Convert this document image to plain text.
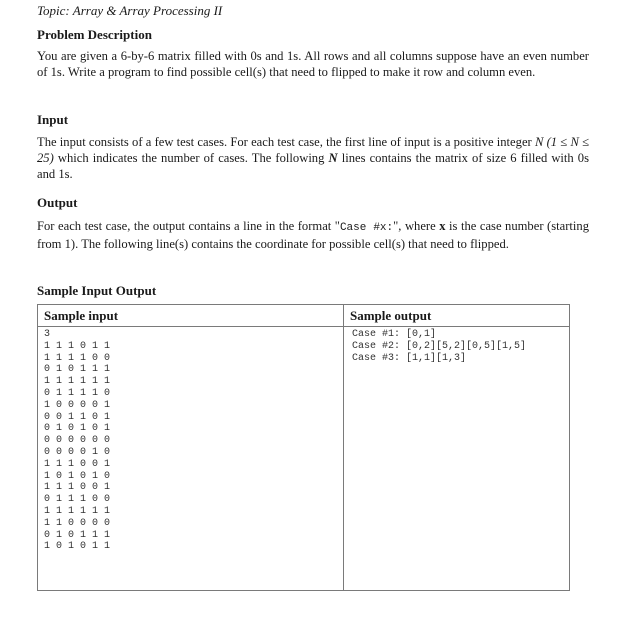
Topic: Array & Array Processing II
Problem Description
You are given a 6-by-6 matrix filled with 0s and 1s. All rows and all columns suppose have an even number of 1s. Write a program to find possible cell(s) that need to flipped to make it row and column even.
Input
The input consists of a few test cases. For each test case, the first line of input is a positive integer N (1 ≤ N ≤ 25) which indicates the number of cases. The following N lines contains the matrix of size 6 filled with 0s and 1s.
Output
For each test case, the output contains a line in the format "Case #x:", where x is the case number (starting from 1). The following line(s) contains the coordinate for possible cell(s) that need to flipped.
Sample Input Output
Sample input
3
1 1 1 0 1 1
1 1 1 1 0 0
0 1 0 1 1 1
1 1 1 1 1 1
0 1 1 1 1 0
1 0 0 0 0 1
0 0 1 1 0 1
0 1 0 1 0 1
0 0 0 0 0 0
0 0 0 0 1 0
1 1 1 0 0 1
1 0 1 0 1 0
1 1 1 0 0 1
0 1 1 1 0 0
1 1 1 1 1 1
1 1 0 0 0 0
0 1 0 1 1 1
1 0 1 0 1 1
Sample output
Case #1: [0,1]
Case #2: [0,2][5,2][0,5][1,5]
Case #3: [1,1][1,3]
